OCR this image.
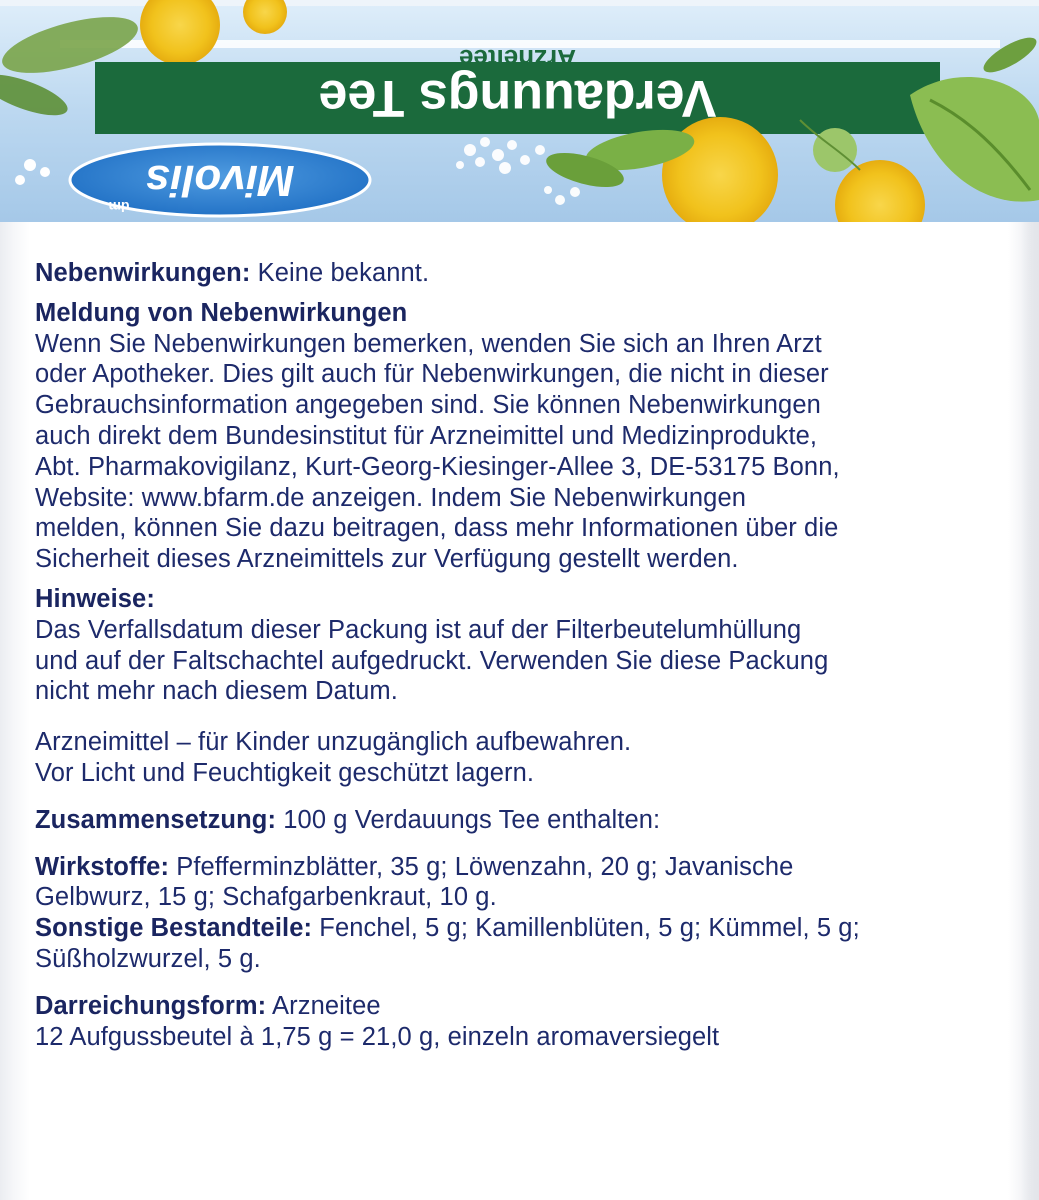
Verdauungs Tee
Arzneitee
Mivolis
dm

Nebenwirkungen: Keine bekannt.

Meldung von Nebenwirkungen

Wenn Sie Nebenwirkungen bemerken, wenden Sie sich an Ihren Arzt

oder Apotheker. Dies gilt auch für Nebenwirkungen, die nicht in dieser

Gebrauchsinformation angegeben sind. Sie können Nebenwirkungen

auch direkt dem Bundesinstitut für Arzneimittel und Medizinprodukte,

Abt. Pharmakovigilanz, Kurt-Georg-Kiesinger-Allee 3, DE-53175 Bonn,

Website: www.bfarm.de anzeigen. Indem Sie Nebenwirkungen

melden, können Sie dazu beitragen, dass mehr Informationen über die

Sicherheit dieses Arzneimittels zur Verfügung gestellt werden.

Hinweise:

Das Verfallsdatum dieser Packung ist auf der Filterbeutelumhüllung

und auf der Faltschachtel aufgedruckt. Verwenden Sie diese Packung

nicht mehr nach diesem Datum.

Arzneimittel – für Kinder unzugänglich aufbewahren.

Vor Licht und Feuchtigkeit geschützt lagern.

Zusammensetzung: 100 g Verdauungs Tee enthalten:

Wirkstoffe: Pfefferminzblätter, 35 g; Löwenzahn, 20 g; Javanische

Gelbwurz, 15 g; Schafgarbenkraut, 10 g.

Sonstige Bestandteile: Fenchel, 5 g; Kamillenblüten, 5 g; Kümmel, 5 g;

Süßholzwurzel, 5 g.

Darreichungsform: Arzneitee

12 Aufgussbeutel à 1,75 g = 21,0 g, einzeln aromaversiegelt
